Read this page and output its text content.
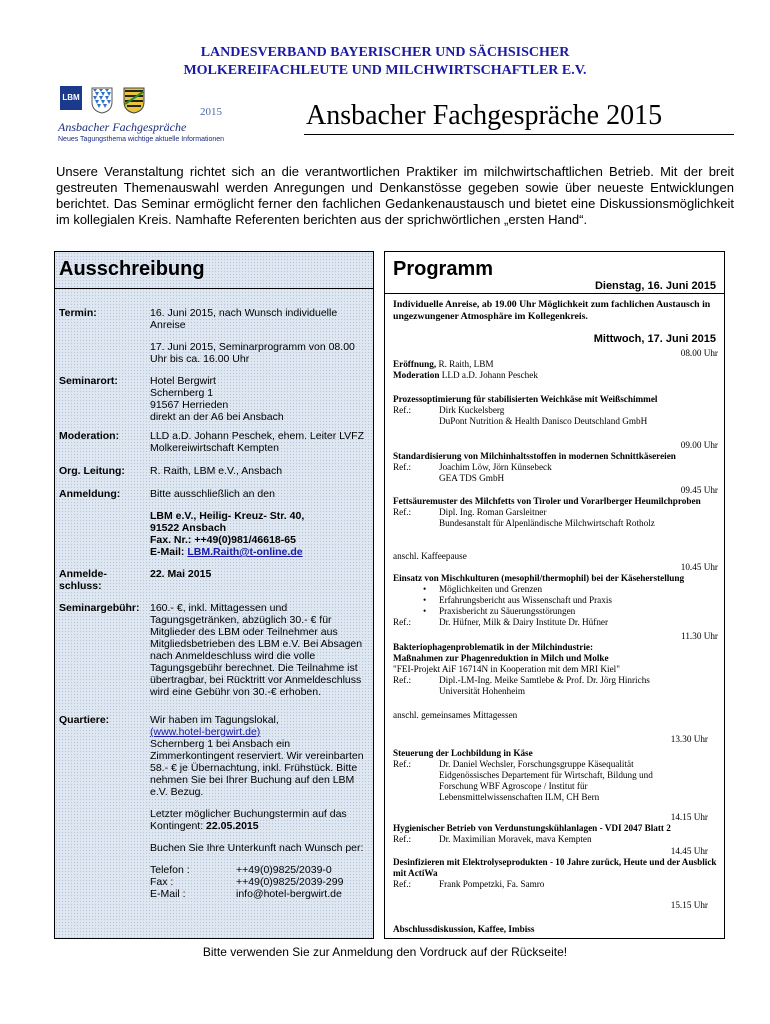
LANDESVERBAND BAYERISCHER UND SÄCHSISCHER
MOLKEREIFACHLEUTE UND MILCHWIRTSCHAFTLER E.V.
LBM
Ansbacher Fachgespräche
Neues Tagungsthema wichtige aktuelle Informationen
2015	Ansbacher Fachgespräche 2015
Unsere Veranstaltung richtet sich an die verantwortlichen Praktiker im milchwirtschaftlichen Betrieb. Mit der breit gestreuten Themenauswahl werden Anregungen und Denkanstösse gegeben sowie über neueste Entwicklungen berichtet. Das Seminar ermöglicht ferner den fachlichen Gedankenaustausch und bietet eine Diskussionsmöglichkeit im kollegialen Kreis. Namhafte Referenten berichten aus der sprichwörtlichen „ersten Hand“.
Ausschreibung
Termin:	16. Juni 2015, nach Wunsch individuelle Anreise

17. Juni 2015, Seminarprogramm von 08.00 Uhr bis ca. 16.00 Uhr

Seminarort:	Hotel Bergwirt
Schernberg 1
91567 Herrieden
direkt an der A6 bei Ansbach
Moderation:	LLD a.D. Johann Peschek, ehem. Leiter LVFZ Molkereiwirtschaft Kempten
Org. Leitung:	R. Raith, LBM e.V., Ansbach
Anmeldung:	Bitte ausschließlich an den

LBM e.V., Heilig- Kreuz- Str. 40,
91522 Ansbach
Fax. Nr.: ++49(0)981/46618-65
E-Mail: LBM.Raith@t-online.de
Anmelde-schluss:
22. Mai 2015
Seminargebühr: 160.- €, inkl. Mittagessen und Tagungsgetränken, abzüglich 30.- € für Mitglieder des LBM oder Teilnehmer aus Mitgliedsbetrieben des LBM e.V. Bei Absagen nach Anmeldeschluss wird die volle Tagungsgebühr berechnet. Die Teilnahme ist übertragbar, bei Rücktritt vor Anmeldeschluss wird eine Gebühr von 30.-€ erhoben.
Quartiere:	Wir haben im Tagungslokal,
(www.hotel-bergwirt.de)
Schernberg 1 bei Ansbach ein Zimmerkontingent reserviert. Wir vereinbarten 58.- € je Übernachtung, inkl. Frühstück. Bitte nehmen Sie bei Ihrer Buchung auf den LBM e.V. Bezug.

Letzter möglicher Buchungstermin auf das Kontingent: 22.05.2015

Buchen Sie Ihre Unterkunft nach Wunsch per:

Telefon :	++49(0)9825/2039-0
Fax :	++49(0)9825/2039-299
E-Mail :	info@hotel-bergwirt.de
Programm
Dienstag, 16. Juni 2015
Individuelle Anreise, ab 19.00 Uhr Möglichkeit zum fachlichen Austausch in ungezwungener Atmosphäre im Kollegenkreis.
Mittwoch, 17. Juni 2015
08.00 Uhr
Eröffnung, R. Raith, LBM
Moderation LLD a.D. Johann Peschek
Prozessoptimierung für stabilisierten Weichkäse mit Weißschimmel
Ref.:	Dirk Kuckelsberg
DuPont Nutrition & Health Danisco Deutschland GmbH
09.00 Uhr
Standardisierung von Milchinhaltsstoffen in modernen Schnittkäsereien
Ref.:	Joachim Löw, Jörn Künsebeck
GEA TDS GmbH
09.45 Uhr
Fettsäuremuster des Milchfetts von Tiroler und Vorarlberger Heumilchproben
Ref.:	Dipl. Ing. Roman Garsleitner
Bundesanstalt für Alpenländische Milchwirtschaft Rotholz
anschl. Kaffeepause
10.45 Uhr
Einsatz von Mischkulturen (mesophil/thermophil) bei der Käseherstellung
• Möglichkeiten und Grenzen
• Erfahrungsbericht aus Wissenschaft und Praxis
• Praxisbericht zu Säuerungsstörungen
Ref.:	Dr. Hüfner, Milk & Dairy Institute Dr. Hüfner
11.30 Uhr
Bakteriophagenproblematik in der Milchindustrie:
Maßnahmen zur Phagenreduktion in Milch und Molke
"FEI-Projekt AiF 16714N in Kooperation mit dem MRI Kiel"
Ref.:	Dipl.-LM-Ing. Meike Samtlebe & Prof. Dr. Jörg Hinrichs
Universität Hohenheim
anschl. gemeinsames Mittagessen
13.30 Uhr
Steuerung der Lochbildung in Käse
Ref.:	Dr. Daniel Wechsler, Forschungsgruppe Käsequalität
Eidgenössisches Departement für Wirtschaft, Bildung und
Forschung WBF Agroscope / Institut für
Lebensmittelwissenschaften ILM, CH Bern
14.15 Uhr
Hygienischer Betrieb von Verdunstungskühlanlagen - VDI 2047 Blatt 2
Ref.:	Dr. Maximilian Moravek, mava Kempten
14.45 Uhr
Desinfizieren mit Elektrolyseprodukten - 10 Jahre zurück, Heute und der Ausblick mit ActiWa
Ref.:	Frank Pompetzki, Fa. Samro
15.15 Uhr
Abschlussdiskussion, Kaffee, Imbiss
Bitte verwenden Sie zur Anmeldung den Vordruck auf der Rückseite!
